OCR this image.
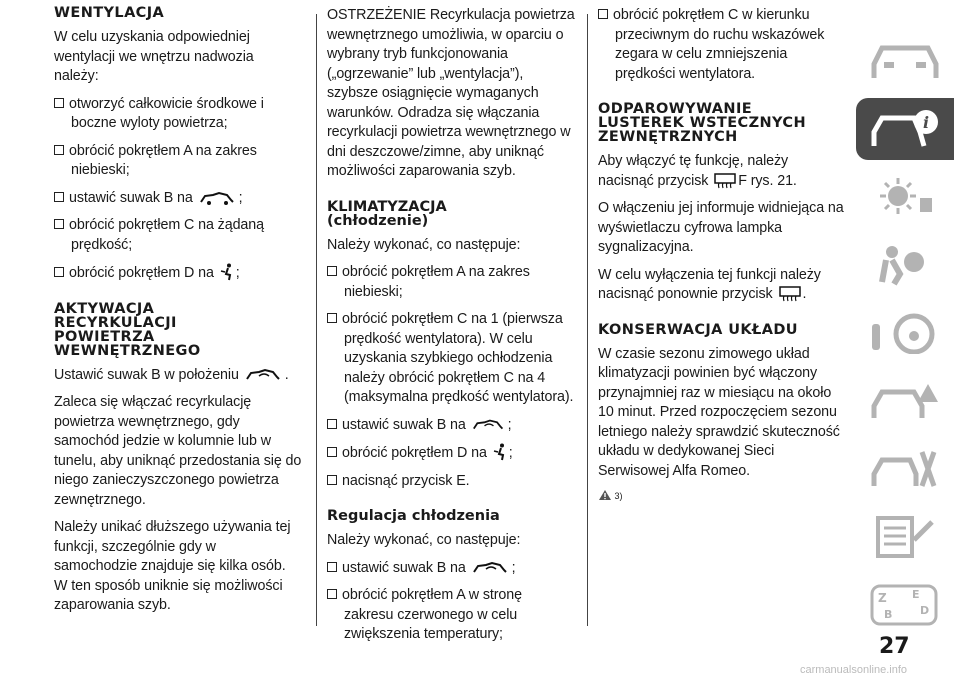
WENTYLACJA
W celu uzyskania odpowiedniej wentylacji we wnętrzu nadwozia należy:
otworzyć całkowicie środkowe i boczne wyloty powietrza;
obrócić pokrętłem A na zakres niebieski;
ustawić suwak B na	;
obrócić pokrętłem C na żądaną prędkość;
obrócić pokrętłem D na ;
AKTYWACJA
RECYRKULACJI
POWIETRZA
WEWNĘTRZNEGO
Ustawić suwak B w położeniu	.
Zaleca się włączać recyrkulację powietrza wewnętrznego, gdy samochód jedzie w kolumnie lub w tunelu, aby uniknąć przedostania się do niego zanieczyszczonego powietrza zewnętrznego.
Należy unikać dłuższego używania tej funkcji, szczególnie gdy w samochodzie znajduje się kilka osób. W ten sposób uniknie się możliwości zaparowania szyb.
OSTRZEŻENIE Recyrkulacja powietrza wewnętrznego umożliwia, w oparciu o wybrany tryb funkcjonowania („ogrzewanie” lub „wentylacja”), szybsze osiągnięcie wymaganych warunków. Odradza się włączania recyrkulacji powietrza wewnętrznego w dni deszczowe/zimne, aby uniknąć możliwości zaparowania szyb.
KLIMATYZACJA
(chłodzenie)
Należy wykonać, co następuje:
obrócić pokrętłem A na zakres niebieski;
obrócić pokrętłem C na 1 (pierwsza prędkość wentylatora). W celu uzyskania szybkiego ochłodzenia należy obrócić pokrętłem C na 4 (maksymalna prędkość wentylatora).
ustawić suwak B na	;
obrócić pokrętłem D na ;
nacisnąć przycisk E.
Regulacja chłodzenia
Należy wykonać, co następuje:
ustawić suwak B na	;
obrócić pokrętłem A w stronę zakresu czerwonego w celu zwiększenia temperatury;
obrócić pokrętłem C w kierunku przeciwnym do ruchu wskazówek zegara w celu zmniejszenia prędkości wentylatora.
ODPAROWYWANIE
LUSTEREK WSTECZNYCH
ZEWNĘTRZNYCH
Aby włączyć tę funkcję, należy nacisnąć przycisk F rys. 21.
O włączeniu jej informuje widniejąca na wyświetlaczu cyfrowa lampka sygnalizacyjna.
W celu wyłączenia tej funkcji należy nacisnąć ponownie przycisk .
KONSERWACJA UKŁADU
W czasie sezonu zimowego układ klimatyzacji powinien być włączony przynajmniej raz w miesiącu na około 10 minut. Przed rozpoczęciem sezonu letniego należy sprawdzić skuteczność układu w dedykowanej Sieci Serwisowej Alfa Romeo.
3)
i
Z E
B	D
27
carmanualsonline.info
